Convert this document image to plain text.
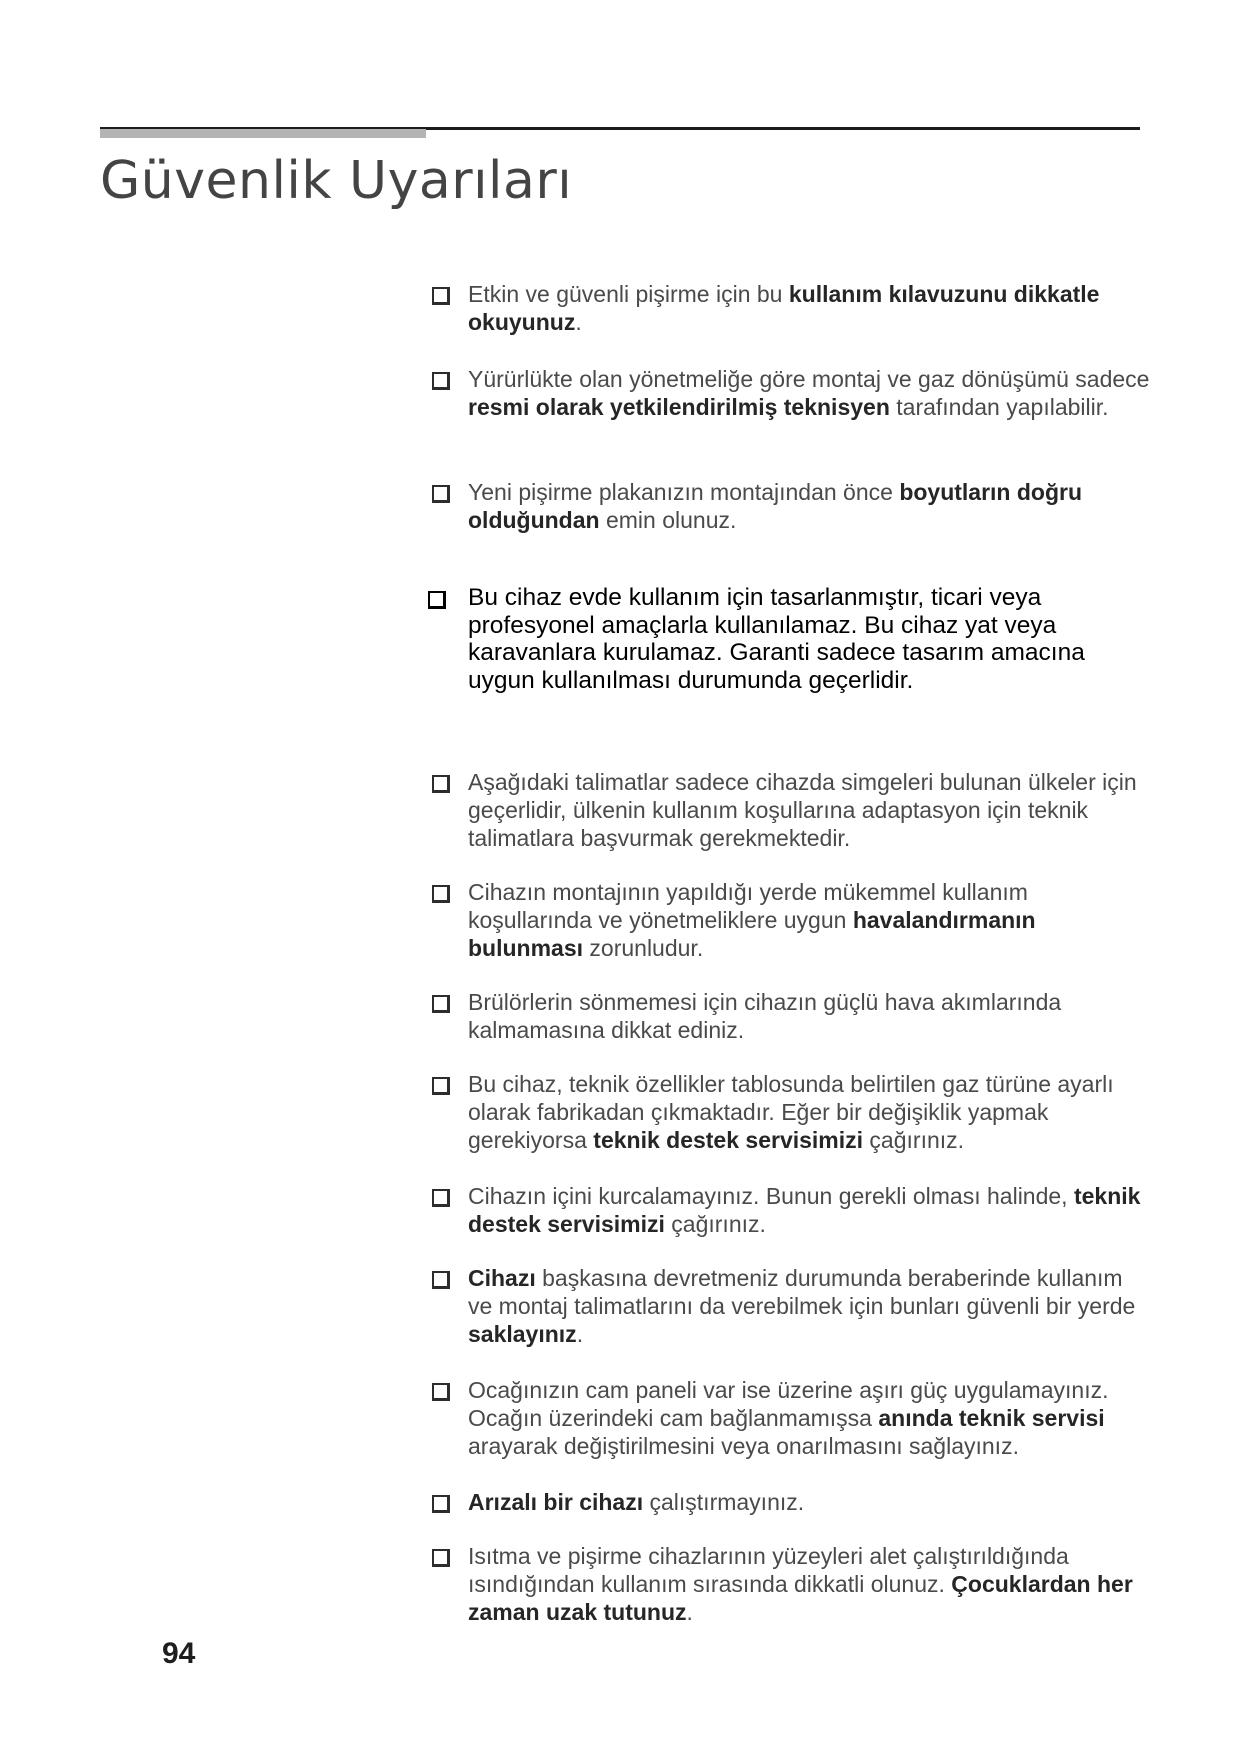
Güvenlik Uyarıları
Etkin ve güvenli pişirme için bu kullanım kılavuzunu dikkatle okuyunuz.
Yürürlükte olan yönetmeliğe göre montaj ve gaz dönüşümü sadece resmi olarak yetkilendirilmiş teknisyen tarafından yapılabilir.
Yeni pişirme plakanızın montajından önce boyutların doğru olduğundan emin olunuz.
Bu cihaz evde kullanım için tasarlanmıştır, ticari veya profesyonel amaçlarla kullanılamaz. Bu cihaz yat veya karavanlara kurulamaz. Garanti sadece tasarım amacına uygun kullanılması durumunda geçerlidir.
Aşağıdaki talimatlar sadece cihazda simgeleri bulunan ülkeler için geçerlidir, ülkenin kullanım koşullarına adaptasyon için teknik talimatlara başvurmak gerekmektedir.
Cihazın montajının yapıldığı yerde mükemmel kullanım koşullarında ve yönetmeliklere uygun havalandırmanın bulunması zorunludur.
Brülörlerin sönmemesi için cihazın güçlü hava akımlarında kalmamasına dikkat ediniz.
Bu cihaz, teknik özellikler tablosunda belirtilen gaz türüne ayarlı olarak fabrikadan çıkmaktadır. Eğer bir değişiklik yapmak gerekiyorsa teknik destek servisimizi çağırınız.
Cihazın içini kurcalamayınız. Bunun gerekli olması halinde, teknik destek servisimizi çağırınız.
Cihazı başkasına devretmeniz durumunda beraberinde kullanım ve montaj talimatlarını da verebilmek için bunları güvenli bir yerde saklayınız.
Ocağınızın cam paneli var ise üzerine aşırı güç uygulamayınız. Ocağın üzerindeki cam bağlanmamışsa anında teknik servisi arayarak değiştirilmesini veya onarılmasını sağlayınız.
Arızalı bir cihazı çalıştırmayınız.
Isıtma ve pişirme cihazlarının yüzeyleri alet çalıştırıldığında ısındığından kullanım sırasında dikkatli olunuz. Çocuklardan her zaman uzak tutunuz.
94
